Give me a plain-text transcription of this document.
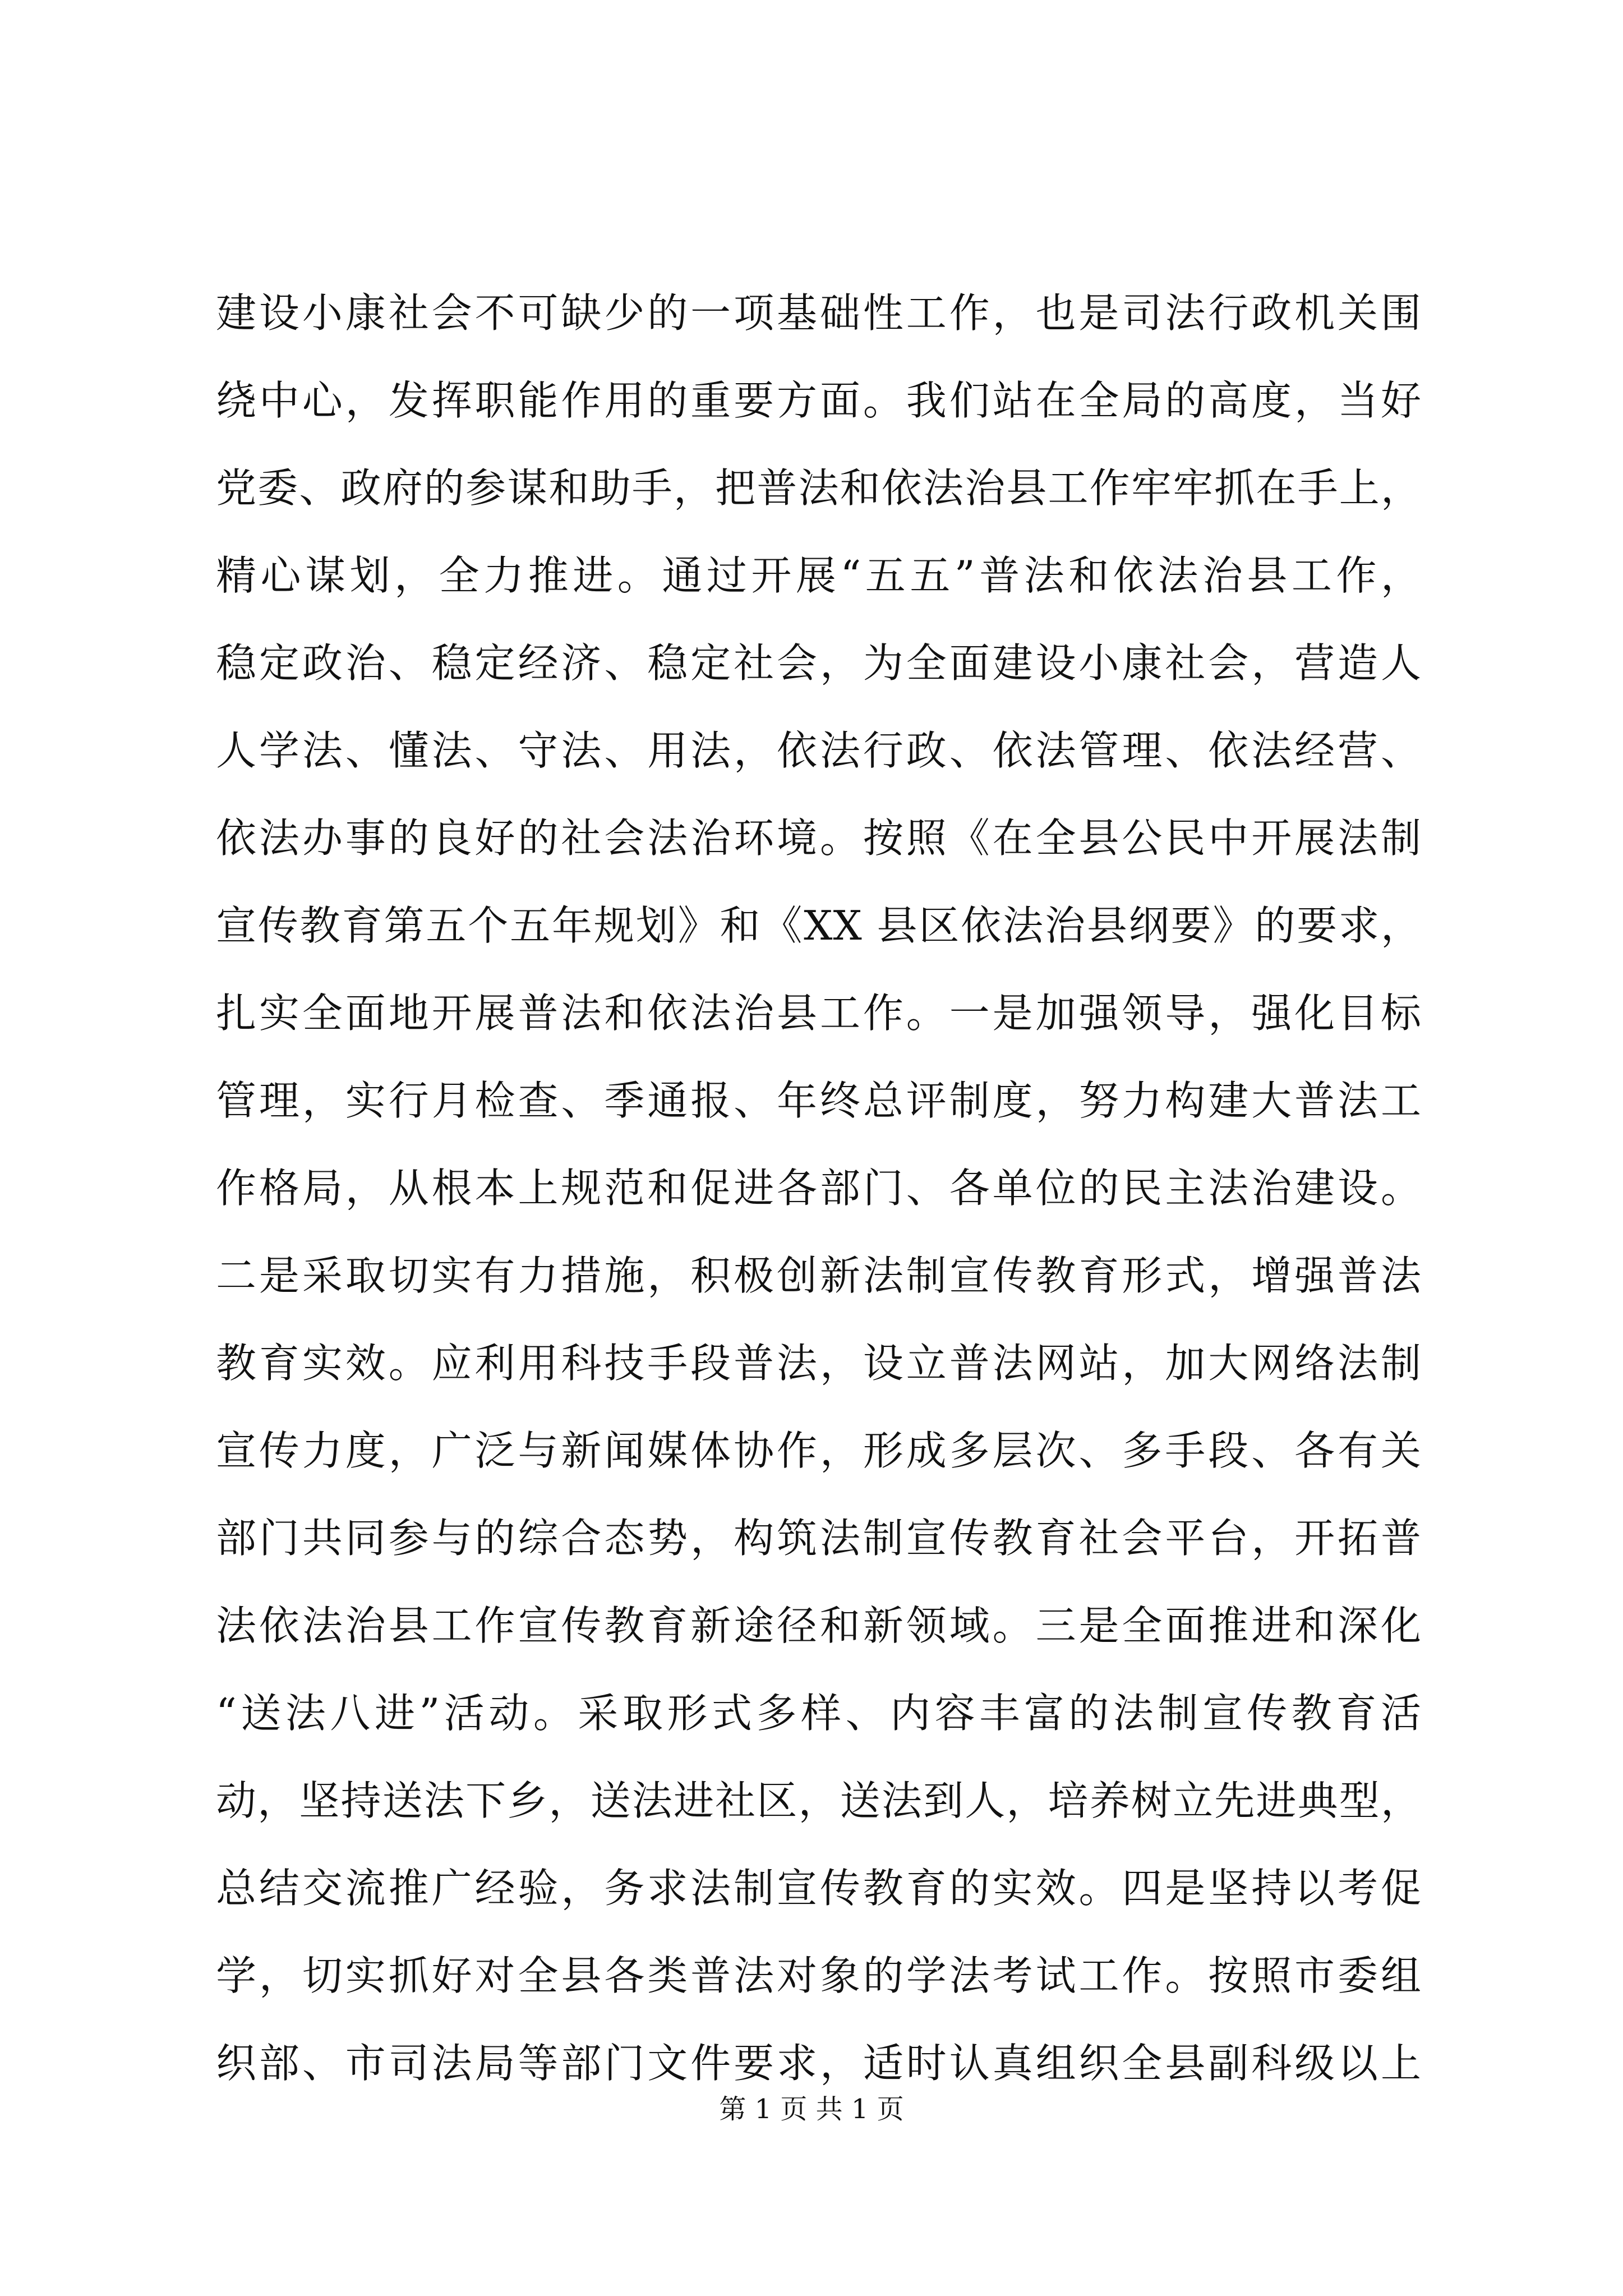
建设小康社会不可缺少的一项基础性工作，也是司法行政机关围
绕中心，发挥职能作用的重要方面。我们站在全局的高度，当好
党委、政府的参谋和助手，把普法和依法治县工作牢牢抓在手上，
精心谋划，全力推进。通过开展“五五”普法和依法治县工作，
稳定政治、稳定经济、稳定社会，为全面建设小康社会，营造人
人学法、懂法、守法、用法，依法行政、依法管理、依法经营、
依法办事的良好的社会法治环境。按照《在全县公民中开展法制
宣传教育第五个五年规划》和《XX 县区依法治县纲要》的要求，
扎实全面地开展普法和依法治县工作。一是加强领导，强化目标
管理，实行月检查、季通报、年终总评制度，努力构建大普法工
作格局，从根本上规范和促进各部门、各单位的民主法治建设。
二是采取切实有力措施，积极创新法制宣传教育形式，增强普法
教育实效。应利用科技手段普法，设立普法网站，加大网络法制
宣传力度，广泛与新闻媒体协作，形成多层次、多手段、各有关
部门共同参与的综合态势，构筑法制宣传教育社会平台，开拓普
法依法治县工作宣传教育新途径和新领域。三是全面推进和深化
“送法八进”活动。采取形式多样、内容丰富的法制宣传教育活
动，坚持送法下乡，送法进社区，送法到人，培养树立先进典型，
总结交流推广经验，务求法制宣传教育的实效。四是坚持以考促
学，切实抓好对全县各类普法对象的学法考试工作。按照市委组
织部、市司法局等部门文件要求，适时认真组织全县副科级以上
第 1 页 共 1 页
